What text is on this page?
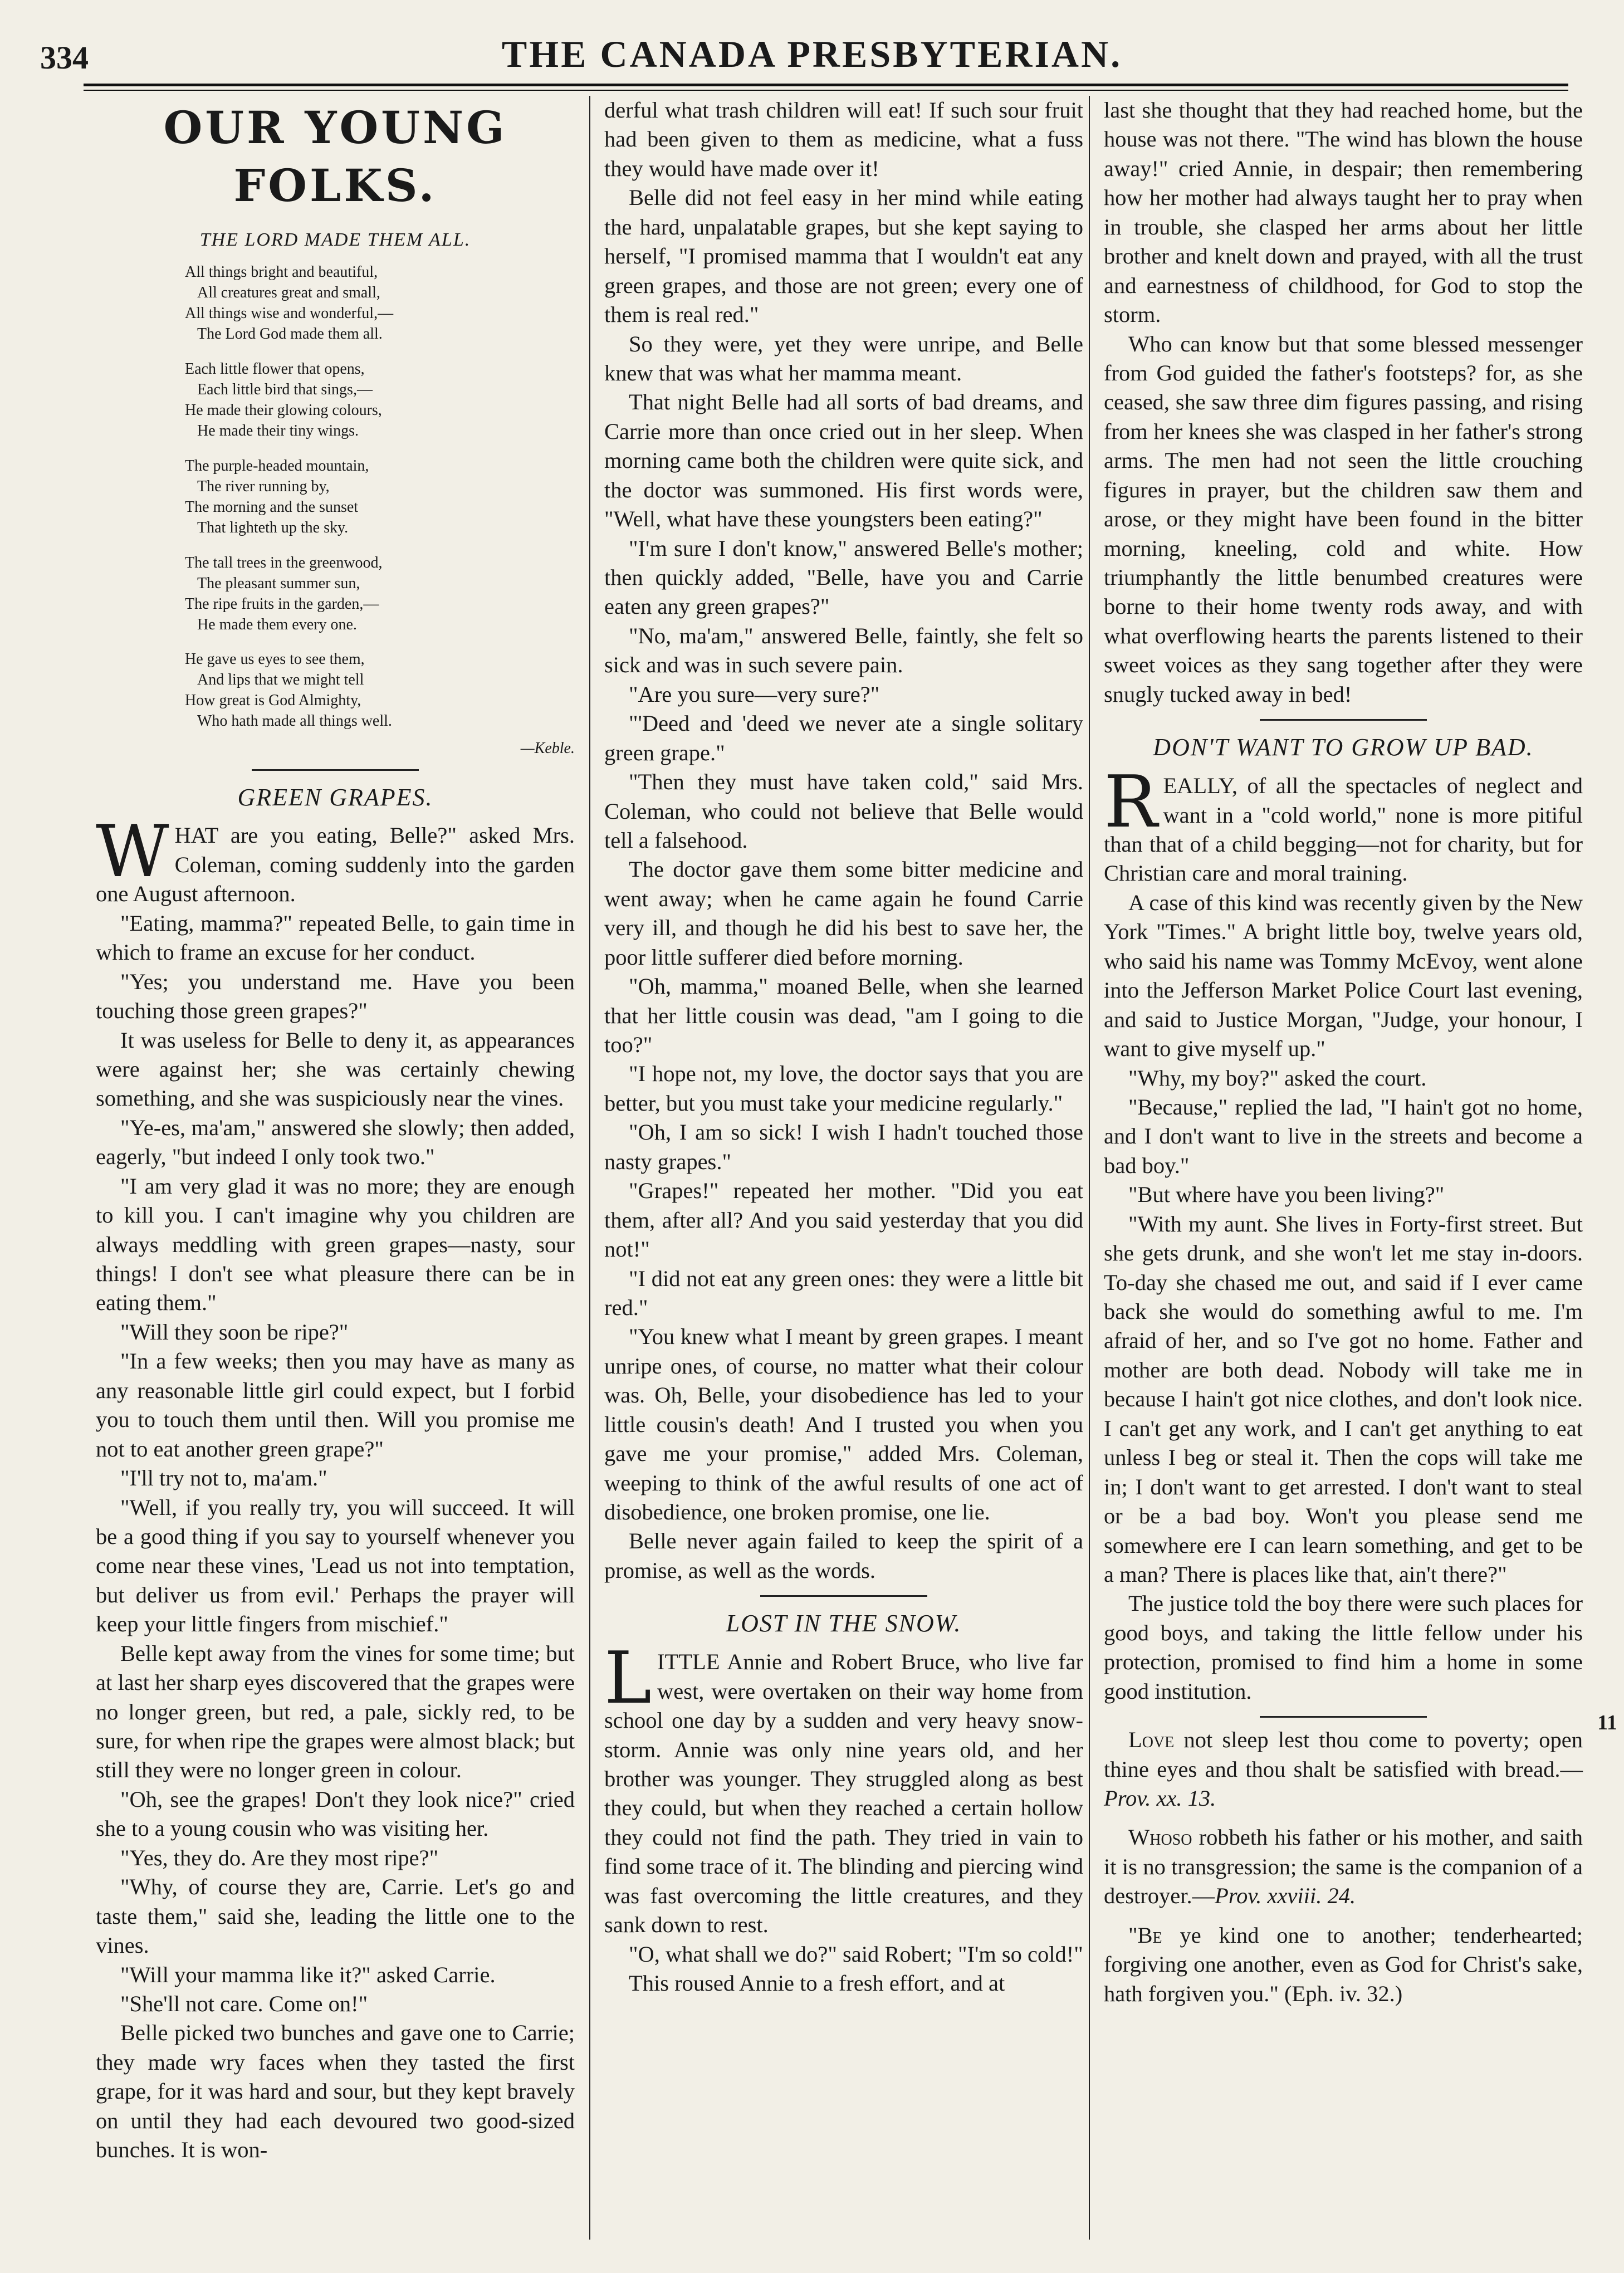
334	THE CANADA PRESBYTERIAN.
11
OUR YOUNG FOLKS.
THE LORD MADE THEM ALL.
All things bright and beautiful,
All creatures great and small,
All things wise and wonderful,—
The Lord God made them all.
Each little flower that opens,
Each little bird that sings,—
He made their glowing colours,
He made their tiny wings.
The purple-headed mountain,
The river running by,
The morning and the sunset
That lighteth up the sky.
The tall trees in the greenwood,
The pleasant summer sun,
The ripe fruits in the garden,—
He made them every one.
He gave us eyes to see them,
And lips that we might tell
How great is God Almighty,
Who hath made all things well.
—Keble.
GREEN GRAPES.

WHAT are you eating, Belle?" asked Mrs. Coleman, coming suddenly into the garden one August afternoon.

"Eating, mamma?" repeated Belle, to gain time in which to frame an excuse for her conduct.

"Yes; you understand me. Have you been touching those green grapes?"

It was useless for Belle to deny it, as appearances were against her; she was certainly chewing something, and she was suspiciously near the vines.

"Ye-es, ma'am," answered she slowly; then added, eagerly, "but indeed I only took two."

"I am very glad it was no more; they are enough to kill you. I can't imagine why you children are always meddling with green grapes—nasty, sour things! I don't see what pleasure there can be in eating them."

"Will they soon be ripe?"

"In a few weeks; then you may have as many as any reasonable little girl could expect, but I forbid you to touch them until then. Will you promise me not to eat another green grape?"

"I'll try not to, ma'am."

"Well, if you really try, you will succeed. It will be a good thing if you say to yourself whenever you come near these vines, 'Lead us not into temptation, but deliver us from evil.' Perhaps the prayer will keep your little fingers from mischief."

Belle kept away from the vines for some time; but at last her sharp eyes discovered that the grapes were no longer green, but red, a pale, sickly red, to be sure, for when ripe the grapes were almost black; but still they were no longer green in colour.

"Oh, see the grapes! Don't they look nice?" cried she to a young cousin who was visiting her.

"Yes, they do. Are they most ripe?"

"Why, of course they are, Carrie. Let's go and taste them," said she, leading the little one to the vines.

"Will your mamma like it?" asked Carrie.

"She'll not care. Come on!"

Belle picked two bunches and gave one to Carrie; they made wry faces when they tasted the first grape, for it was hard and sour, but they kept bravely on until they had each devoured two good-sized bunches. It is won-

derful what trash children will eat! If such sour fruit had been given to them as medicine, what a fuss they would have made over it!

Belle did not feel easy in her mind while eating the hard, unpalatable grapes, but she kept saying to herself, "I promised mamma that I wouldn't eat any green grapes, and those are not green; every one of them is real red."

So they were, yet they were unripe, and Belle knew that was what her mamma meant.

That night Belle had all sorts of bad dreams, and Carrie more than once cried out in her sleep. When morning came both the children were quite sick, and the doctor was summoned. His first words were, "Well, what have these youngsters been eating?"

"I'm sure I don't know," answered Belle's mother; then quickly added, "Belle, have you and Carrie eaten any green grapes?"

"No, ma'am," answered Belle, faintly, she felt so sick and was in such severe pain.

"Are you sure—very sure?"

"'Deed and 'deed we never ate a single solitary green grape."

"Then they must have taken cold," said Mrs. Coleman, who could not believe that Belle would tell a falsehood.

The doctor gave them some bitter medicine and went away; when he came again he found Carrie very ill, and though he did his best to save her, the poor little sufferer died before morning.

"Oh, mamma," moaned Belle, when she learned that her little cousin was dead, "am I going to die too?"

"I hope not, my love, the doctor says that you are better, but you must take your medicine regularly."

"Oh, I am so sick! I wish I hadn't touched those nasty grapes."

"Grapes!" repeated her mother. "Did you eat them, after all? And you said yesterday that you did not!"

"I did not eat any green ones: they were a little bit red."

"You knew what I meant by green grapes. I meant unripe ones, of course, no matter what their colour was. Oh, Belle, your disobedience has led to your little cousin's death! And I trusted you when you gave me your promise," added Mrs. Coleman, weeping to think of the awful results of one act of disobedience, one broken promise, one lie.

Belle never again failed to keep the spirit of a promise, as well as the words.

LOST IN THE SNOW.

LITTLE Annie and Robert Bruce, who live far west, were overtaken on their way home from school one day by a sudden and very heavy snow-storm. Annie was only nine years old, and her brother was younger. They struggled along as best they could, but when they reached a certain hollow they could not find the path. They tried in vain to find some trace of it. The blinding and piercing wind was fast overcoming the little creatures, and they sank down to rest.

"O, what shall we do?" said Robert; "I'm so cold!"

This roused Annie to a fresh effort, and at

last she thought that they had reached home, but the house was not there. "The wind has blown the house away!" cried Annie, in despair; then remembering how her mother had always taught her to pray when in trouble, she clasped her arms about her little brother and knelt down and prayed, with all the trust and earnestness of childhood, for God to stop the storm.

Who can know but that some blessed messenger from God guided the father's footsteps? for, as she ceased, she saw three dim figures passing, and rising from her knees she was clasped in her father's strong arms. The men had not seen the little crouching figures in prayer, but the children saw them and arose, or they might have been found in the bitter morning, kneeling, cold and white. How triumphantly the little benumbed creatures were borne to their home twenty rods away, and with what overflowing hearts the parents listened to their sweet voices as they sang together after they were snugly tucked away in bed!

DON'T WANT TO GROW UP BAD.

REALLY, of all the spectacles of neglect and want in a "cold world," none is more pitiful than that of a child begging—not for charity, but for Christian care and moral training.

A case of this kind was recently given by the New York "Times." A bright little boy, twelve years old, who said his name was Tommy McEvoy, went alone into the Jefferson Market Police Court last evening, and said to Justice Morgan, "Judge, your honour, I want to give myself up."

"Why, my boy?" asked the court.

"Because," replied the lad, "I hain't got no home, and I don't want to live in the streets and become a bad boy."

"But where have you been living?"

"With my aunt. She lives in Forty-first street. But she gets drunk, and she won't let me stay in-doors. To-day she chased me out, and said if I ever came back she would do something awful to me. I'm afraid of her, and so I've got no home. Father and mother are both dead. Nobody will take me in because I hain't got nice clothes, and don't look nice. I can't get any work, and I can't get anything to eat unless I beg or steal it. Then the cops will take me in; I don't want to get arrested. I don't want to steal or be a bad boy. Won't you please send me somewhere ere I can learn something, and get to be a man? There is places like that, ain't there?"

The justice told the boy there were such places for good boys, and taking the little fellow under his protection, promised to find him a home in some good institution.

Love not sleep lest thou come to poverty; open thine eyes and thou shalt be satisfied with bread.—Prov. xx. 13.

Whoso robbeth his father or his mother, and saith it is no transgression; the same is the companion of a destroyer.—Prov. xxviii. 24.

"Be ye kind one to another; tenderhearted; forgiving one another, even as God for Christ's sake, hath forgiven you." (Eph. iv. 32.)
